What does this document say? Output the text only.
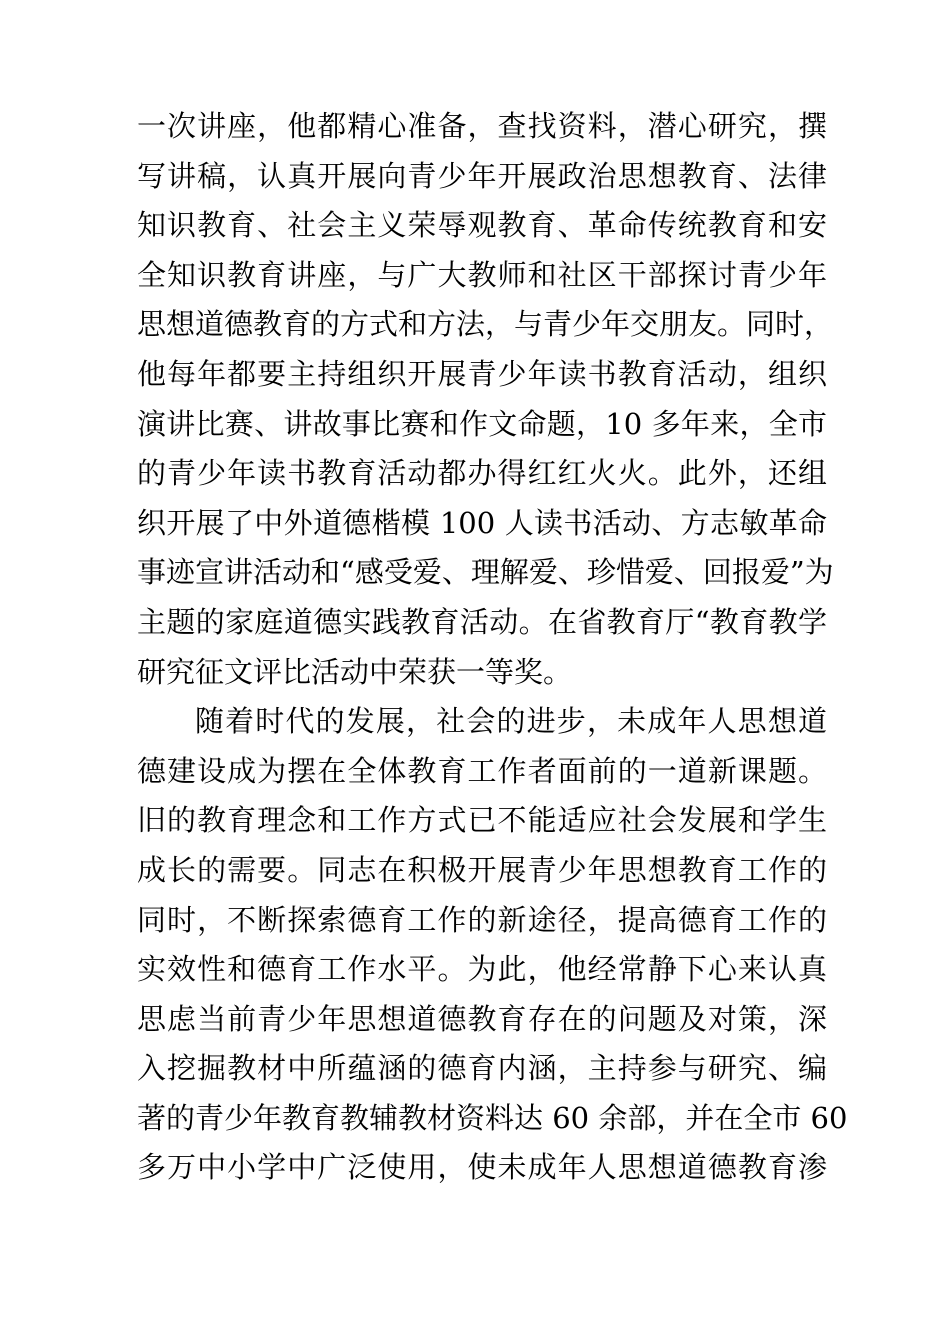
一次讲座，他都精心准备，查找资料，潜心研究，撰
写讲稿，认真开展向青少年开展政治思想教育、法律
知识教育、社会主义荣辱观教育、革命传统教育和安
全知识教育讲座，与广大教师和社区干部探讨青少年
思想道德教育的方式和方法，与青少年交朋友。同时，
他每年都要主持组织开展青少年读书教育活动，组织
演讲比赛、讲故事比赛和作文命题，10 多年来，全市
的青少年读书教育活动都办得红红火火。此外，还组
织开展了中外道德楷模 100 人读书活动、方志敏革命
事迹宣讲活动和“感受爱、理解爱、珍惜爱、回报爱”为
主题的家庭道德实践教育活动。在省教育厅“教育教学
研究征文评比活动中荣获一等奖。
随着时代的发展，社会的进步，未成年人思想道
德建设成为摆在全体教育工作者面前的一道新课题。
旧的教育理念和工作方式已不能适应社会发展和学生
成长的需要。同志在积极开展青少年思想教育工作的
同时，不断探索德育工作的新途径，提高德育工作的
实效性和德育工作水平。为此，他经常静下心来认真
思虑当前青少年思想道德教育存在的问题及对策，深
入挖掘教材中所蕴涵的德育内涵，主持参与研究、编
著的青少年教育教辅教材资料达 60 余部，并在全市 60
多万中小学中广泛使用，使未成年人思想道德教育渗
